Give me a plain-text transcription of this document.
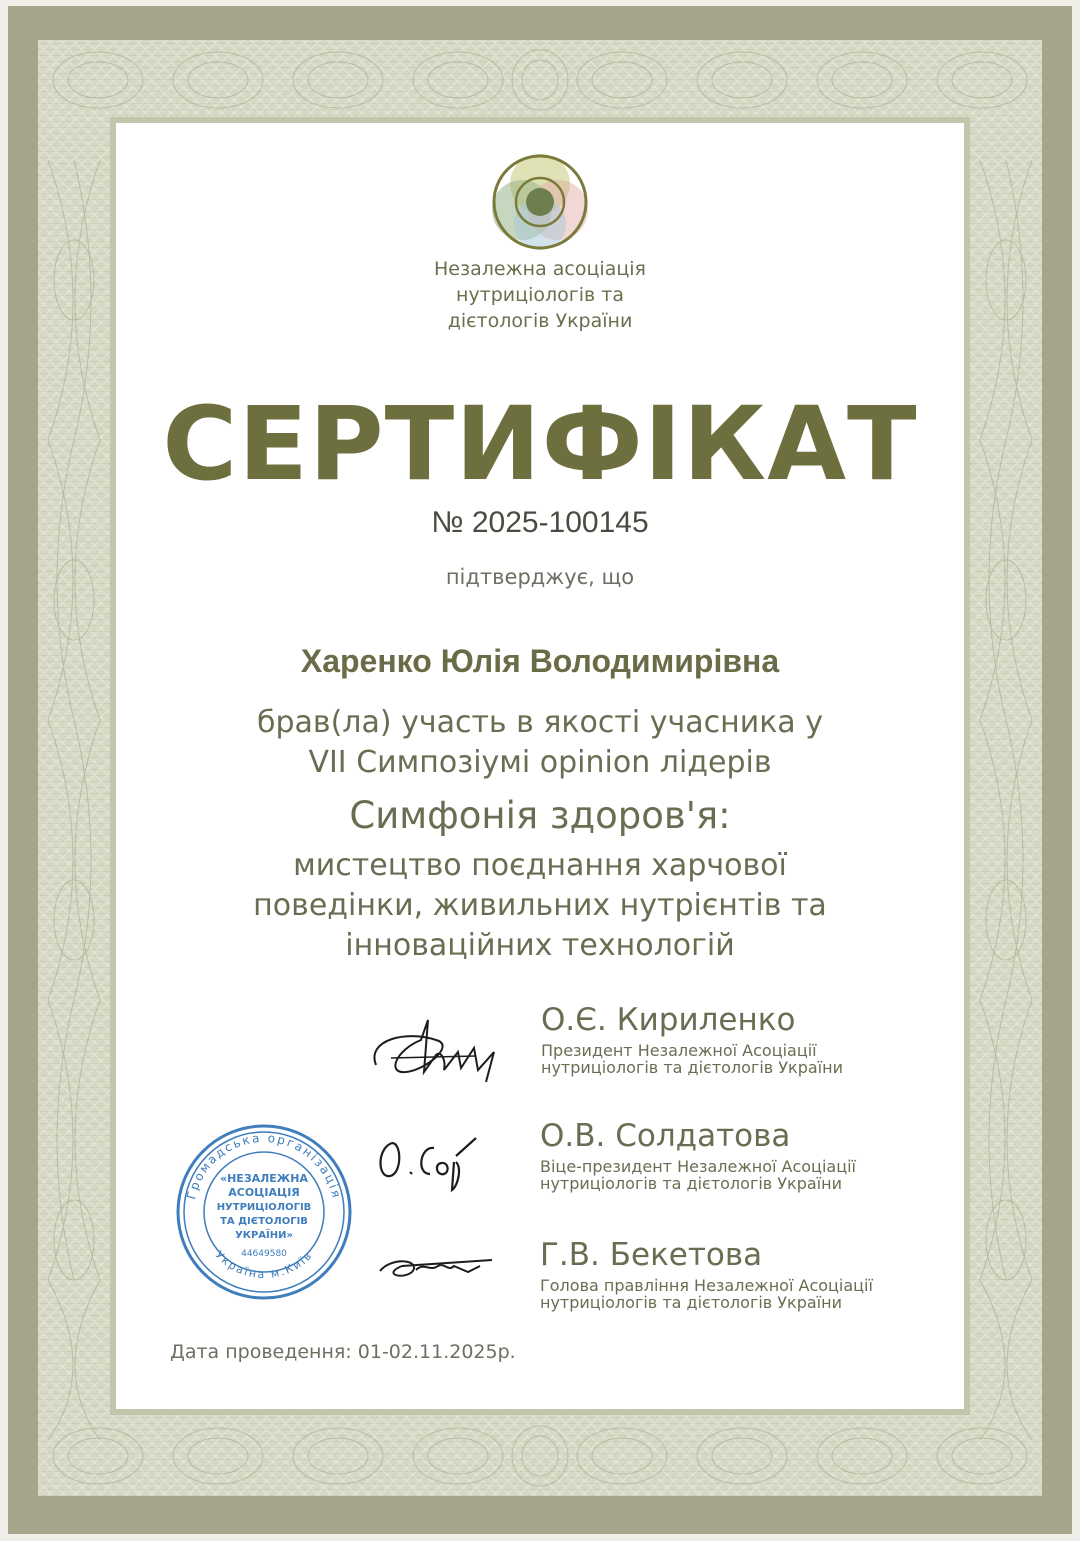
Незалежна асоціація
нутриціологів та
дієтологів України
СЕРТИФІКАТ
№ 2025-100145
підтверджує, що
Харенко Юлія Володимирівна
брав(ла) участь в якості учасника у
VII Симпозіумі opinion лідерів
Симфонія здоров'я:
мистецтво поєднання харчової
поведінки, живильних нутрієнтів та
інноваційних технологій
О.Є. Кириленко
Президент Незалежної Асоціації
нутриціологів та дієтологів України
О.В. Солдатова
Віце-президент Незалежної Асоціації
нутриціологів та дієтологів України
Г.В. Бекетова
Голова правління Незалежної Асоціації
нутриціологів та дієтологів України
Громадська організація
Україна м.Київ
«НЕЗАЛЕЖНА
АСОЦІАЦІЯ
НУТРИЦІОЛОГІВ
ТА ДІЄТОЛОГІВ
УКРАЇНИ»
44649580
Дата проведення: 01-02.11.2025р.
